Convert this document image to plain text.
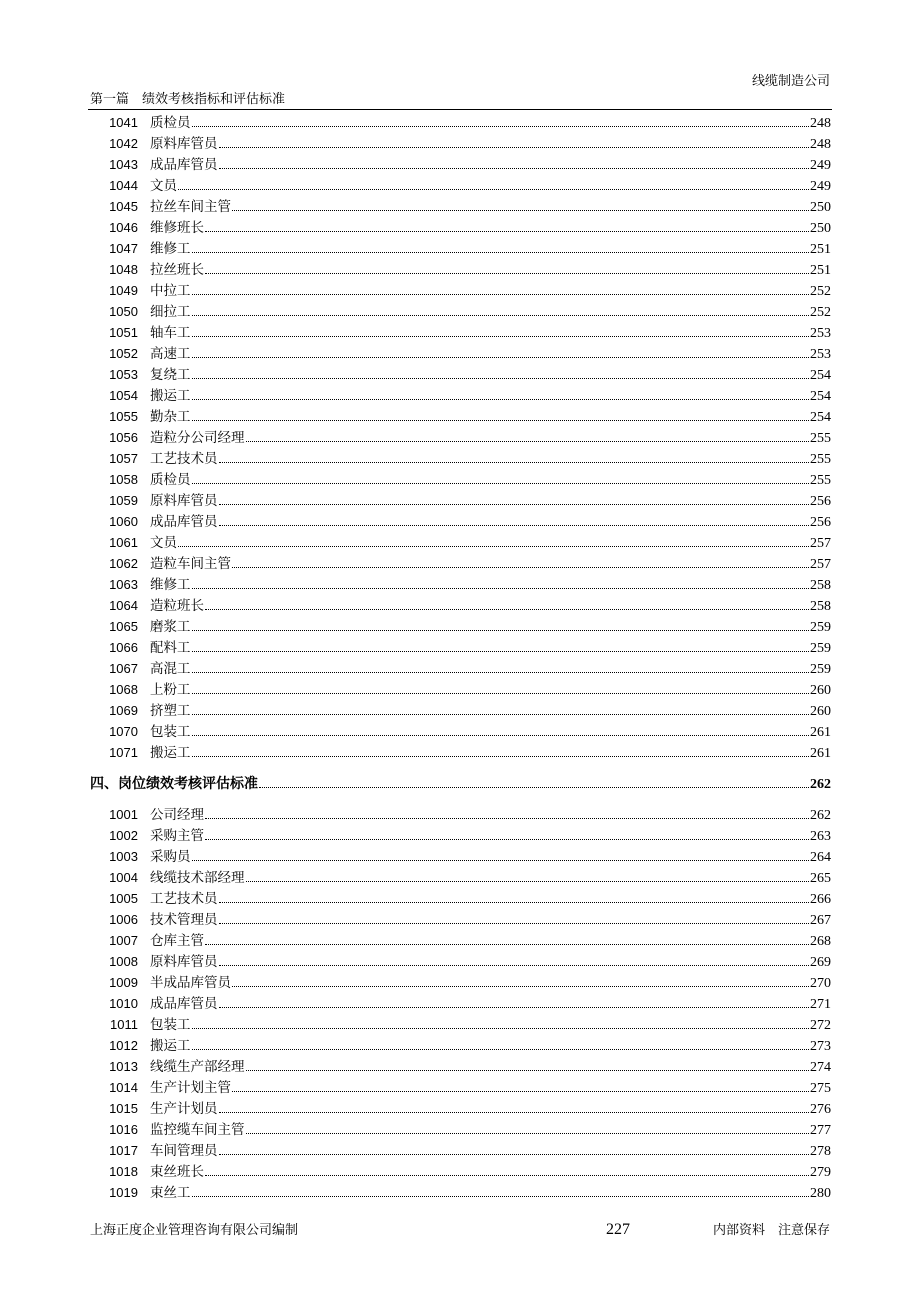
线缆制造公司
第一篇　绩效考核指标和评估标准
1041 质检员	248
1042 原料库管员	248
1043 成品库管员	249
1044 文员	249
1045 拉丝车间主管	250
1046 维修班长	250
1047 维修工	251
1048 拉丝班长	251
1049 中拉工	252
1050 细拉工	252
1051 轴车工	253
1052 高速工	253
1053 复绕工	254
1054 搬运工	254
1055 勤杂工	254
1056 造粒分公司经理	255
1057 工艺技术员	255
1058 质检员	255
1059 原料库管员	256
1060 成品库管员	256
1061 文员	257
1062 造粒车间主管	257
1063 维修工	258
1064 造粒班长	258
1065 磨浆工	259
1066 配料工	259
1067 高混工	259
1068 上粉工	260
1069 挤塑工	260
1070 包装工	261
1071 搬运工	261
四、岗位绩效考核评估标准	262
1001 公司经理	262
1002 采购主管	263
1003 采购员	264
1004 线缆技术部经理	265
1005 工艺技术员	266
1006 技术管理员	267
1007 仓库主管	268
1008 原料库管员	269
1009 半成品库管员	270
1010 成品库管员	271
1011 包装工	272
1012 搬运工	273
1013 线缆生产部经理	274
1014 生产计划主管	275
1015 生产计划员	276
1016 监控缆车间主管	277
1017 车间管理员	278
1018 束丝班长	279
1019 束丝工	280
上海正度企业管理咨询有限公司编制	227	内部资料　注意保存
